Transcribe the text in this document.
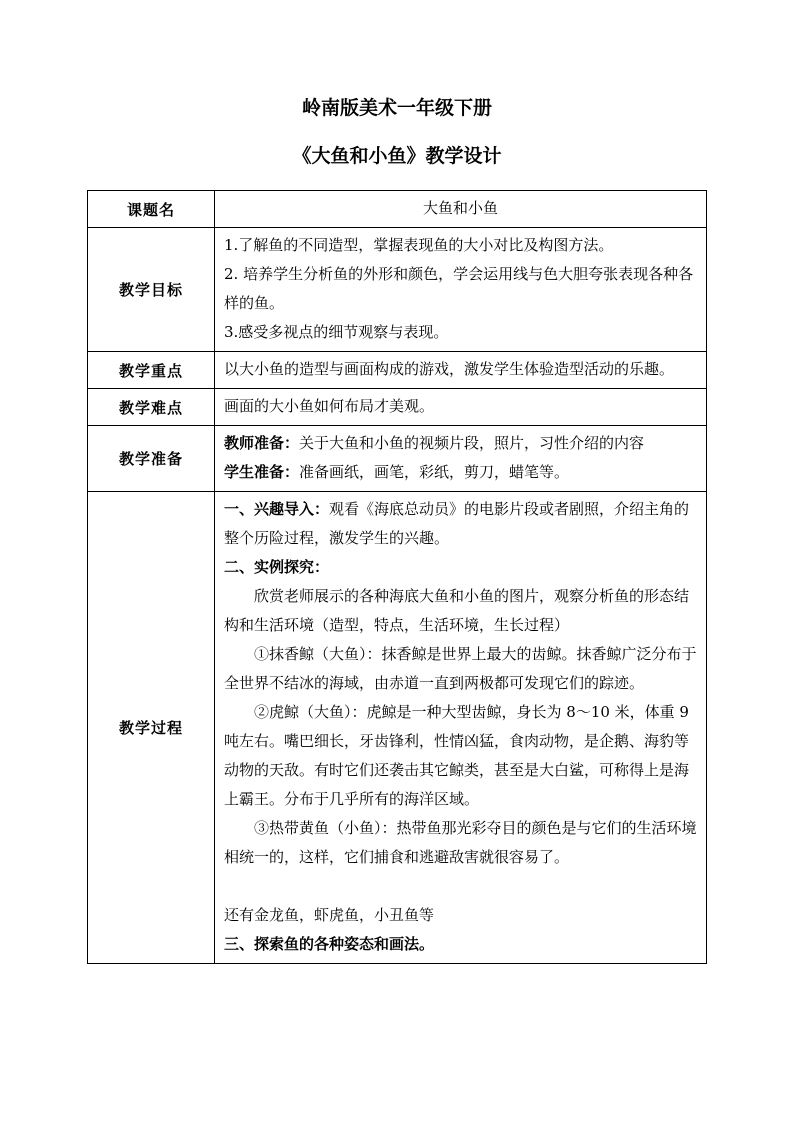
岭南版美术一年级下册
《大鱼和小鱼》教学设计
课题名	大鱼和小鱼

教学目标	1.了解鱼的不同造型，掌握表现鱼的大小对比及构图方法。
2. 培养学生分析鱼的外形和颜色，学会运用线与色大胆夸张表现各种各样的鱼。
3.感受多视点的细节观察与表现。

教学重点	以大小鱼的造型与画面构成的游戏，激发学生体验造型活动的乐趣。

教学难点	画面的大小鱼如何布局才美观。

教学准备	教师准备：关于大鱼和小鱼的视频片段，照片，习性介绍的内容
学生准备：准备画纸，画笔，彩纸，剪刀，蜡笔等。

教学过程	
一、兴趣导入：观看《海底总动员》的电影片段或者剧照，介绍主角的整个历险过程，激发学生的兴趣。
二、实例探究：
欣赏老师展示的各种海底大鱼和小鱼的图片，观察分析鱼的形态结构和生活环境（造型，特点，生活环境，生长过程）
①抹香鲸（大鱼）：抹香鲸是世界上最大的齿鲸。抹香鲸广泛分布于全世界不结冰的海域，由赤道一直到两极都可发现它们的踪迹。
②虎鲸（大鱼）：虎鲸是一种大型齿鲸，身长为 8～10 米，体重 9 吨左右。嘴巴细长，牙齿锋利，性情凶猛，食肉动物，是企鹅、海豹等动物的天敌。有时它们还袭击其它鲸类，甚至是大白鲨，可称得上是海上霸王。分布于几乎所有的海洋区域。
③热带黄鱼（小鱼）：热带鱼那光彩夺目的颜色是与它们的生活环境相统一的，这样，它们捕食和逃避敌害就很容易了。

还有金龙鱼，虾虎鱼，小丑鱼等
三、探索鱼的各种姿态和画法。
